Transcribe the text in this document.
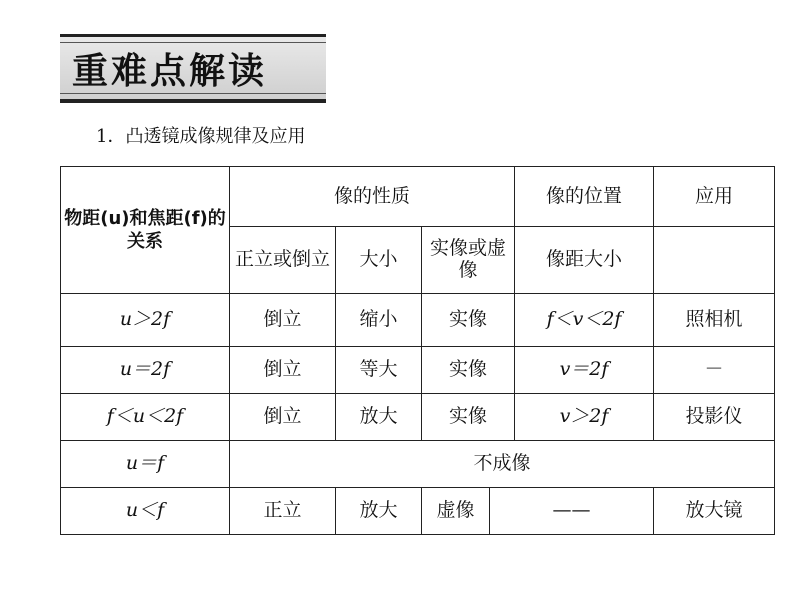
重难点解读
1．凸透镜成像规律及应用
物距(u)和焦距(f)的关系	像的性质				像的位置	应用
	正立或倒立	大小	实像或虚像		像距大小	
u＞2f	倒立	缩小	实像		f＜v＜2f	照相机
u＝2f	倒立	等大	实像		v＝2f	－
f＜u＜2f	倒立	放大	实像		v＞2f	投影仪
u＝f	不成像					
u＜f	正立	放大	虚像	——		放大镜
